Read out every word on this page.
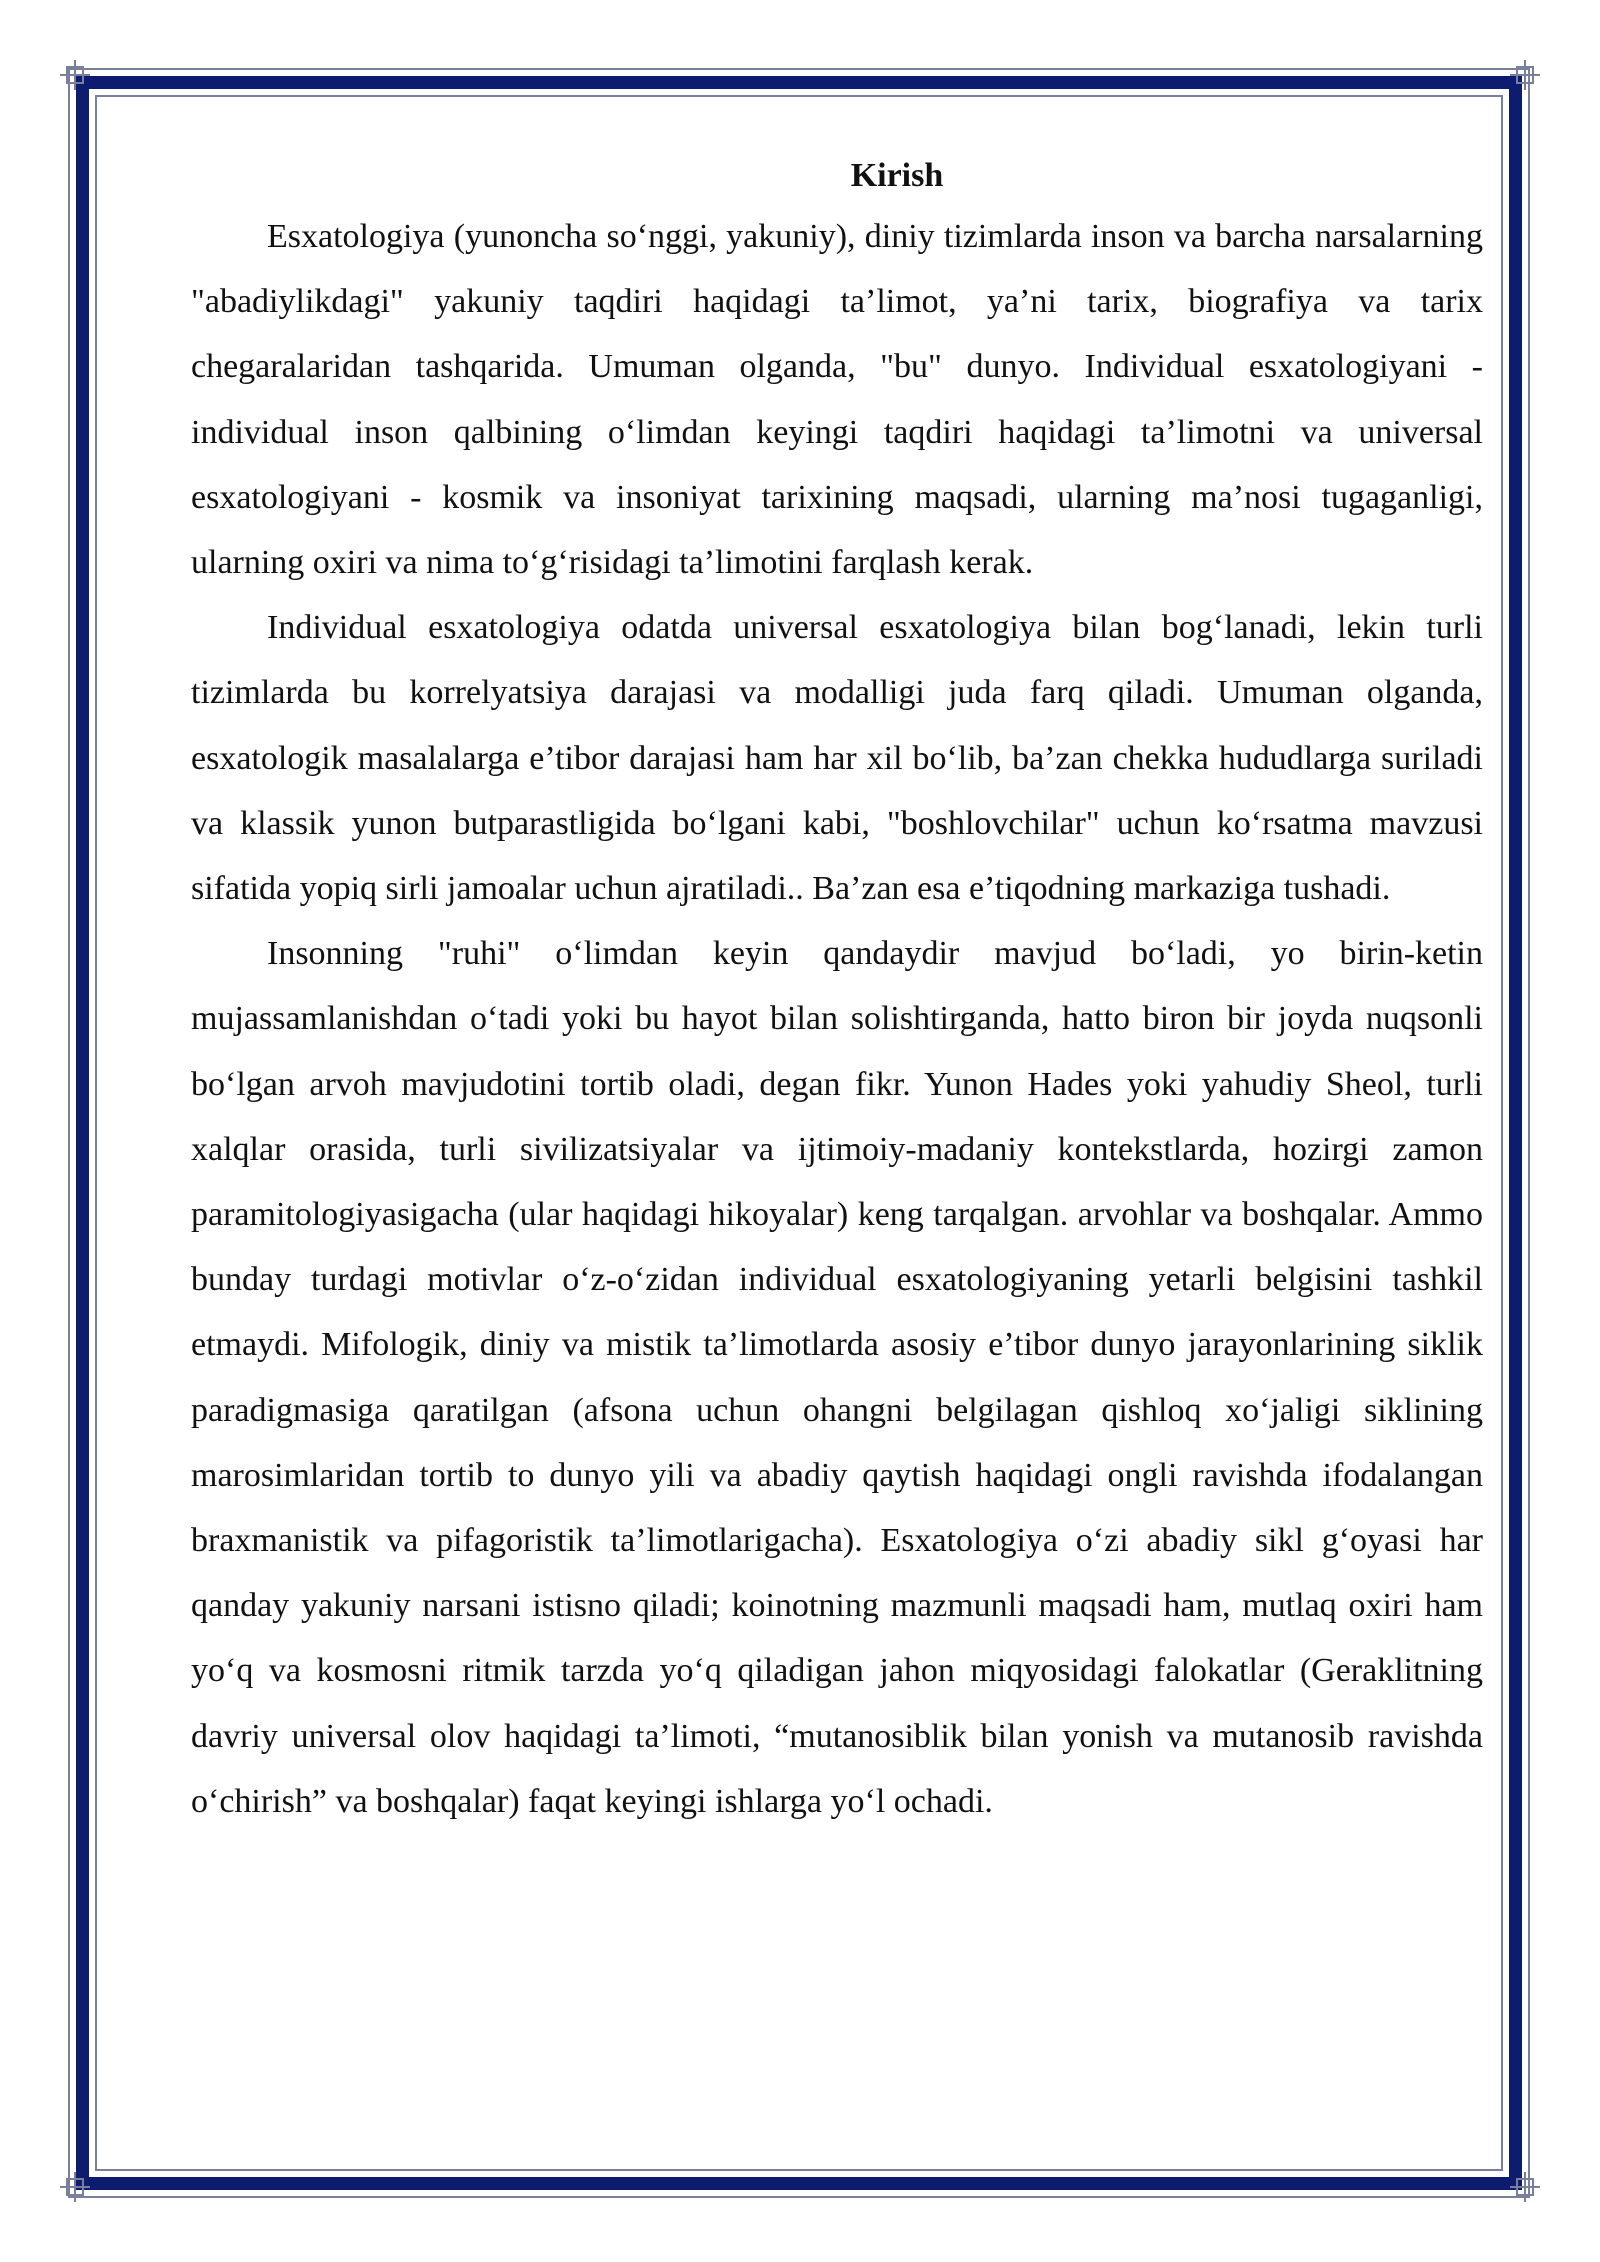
Kirish

Esxatologiya (yunoncha so‘nggi, yakuniy), diniy tizimlarda inson va barcha narsalarning "abadiylikdagi" yakuniy taqdiri haqidagi ta’limot, ya’ni tarix, biografiya va tarix chegaralaridan tashqarida. Umuman olganda, "bu" dunyo. Individual esxatologiyani - individual inson qalbining o‘limdan keyingi taqdiri haqidagi ta’limotni va universal esxatologiyani - kosmik va insoniyat tarixining maqsadi, ularning ma’nosi tugaganligi, ularning oxiri va nima to‘g‘risidagi ta’limotini farqlash kerak.

Individual esxatologiya odatda universal esxatologiya bilan bog‘lanadi, lekin turli tizimlarda bu korrelyatsiya darajasi va modalligi juda farq qiladi. Umuman olganda, esxatologik masalalarga e’tibor darajasi ham har xil bo‘lib, ba’zan chekka hududlarga suriladi va klassik yunon butparastligida bo‘lgani kabi, "boshlovchilar" uchun ko‘rsatma mavzusi sifatida yopiq sirli jamoalar uchun ajratiladi.. Ba’zan esa e’tiqodning markaziga tushadi.

Insonning "ruhi" o‘limdan keyin qandaydir mavjud bo‘ladi, yo birin-ketin mujassamlanishdan o‘tadi yoki bu hayot bilan solishtirganda, hatto biron bir joyda nuqsonli bo‘lgan arvoh mavjudotini tortib oladi, degan fikr. Yunon Hades yoki yahudiy Sheol, turli xalqlar orasida, turli sivilizatsiyalar va ijtimoiy-madaniy kontekstlarda, hozirgi zamon paramitologiyasigacha (ular haqidagi hikoyalar) keng tarqalgan. arvohlar va boshqalar. Ammo bunday turdagi motivlar o‘z-o‘zidan individual esxatologiyaning yetarli belgisini tashkil etmaydi. Mifologik, diniy va mistik ta’limotlarda asosiy e’tibor dunyo jarayonlarining siklik paradigmasiga qaratilgan (afsona uchun ohangni belgilagan qishloq xo‘jaligi siklining marosimlaridan tortib to dunyo yili va abadiy qaytish haqidagi ongli ravishda ifodalangan braxmanistik va pifagoristik ta’limotlarigacha). Esxatologiya o‘zi abadiy sikl g‘oyasi har qanday yakuniy narsani istisno qiladi; koinotning mazmunli maqsadi ham, mutlaq oxiri ham yo‘q va kosmosni ritmik tarzda yo‘q qiladigan jahon miqyosidagi falokatlar (Geraklitning davriy universal olov haqidagi ta’limoti, “mutanosiblik bilan yonish va mutanosib ravishda o‘chirish” va boshqalar) faqat keyingi ishlarga yo‘l ochadi.
